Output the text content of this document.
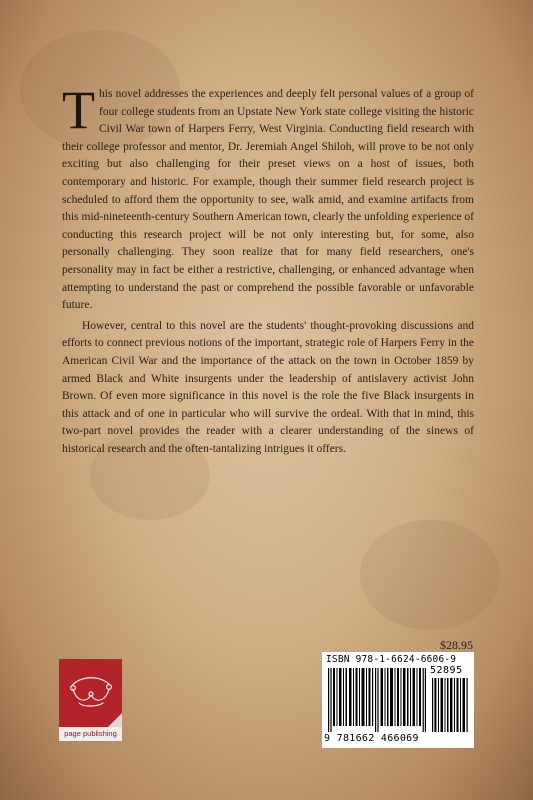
This novel addresses the experiences and deeply felt personal values of a group of four college students from an Upstate New York state college visiting the historic Civil War town of Harpers Ferry, West Virginia. Conducting field research with their college professor and mentor, Dr. Jeremiah Angel Shiloh, will prove to be not only exciting but also challenging for their preset views on a host of issues, both contemporary and historic. For example, though their summer field research project is scheduled to afford them the opportunity to see, walk amid, and examine artifacts from this mid-nineteenth-century Southern American town, clearly the unfolding experience of conducting this research project will be not only interesting but, for some, also personally challenging. They soon realize that for many field researchers, one's personality may in fact be either a restrictive, challenging, or enhanced advantage when attempting to understand the past or comprehend the possible favorable or unfavorable future.

However, central to this novel are the students' thought-provoking discussions and efforts to connect previous notions of the important, strategic role of Harpers Ferry in the American Civil War and the importance of the attack on the town in October 1859 by armed Black and White insurgents under the leadership of antislavery activist John Brown. Of even more significance in this novel is the role the five Black insurgents in this attack and of one in particular who will survive the ordeal. With that in mind, this two-part novel provides the reader with a clearer understanding of the sinews of historical research and the often-tantalizing intrigues it offers.

$28.95
ISBN 978-1-6624-6606-9
52895
9 781662 466069
page publishing
